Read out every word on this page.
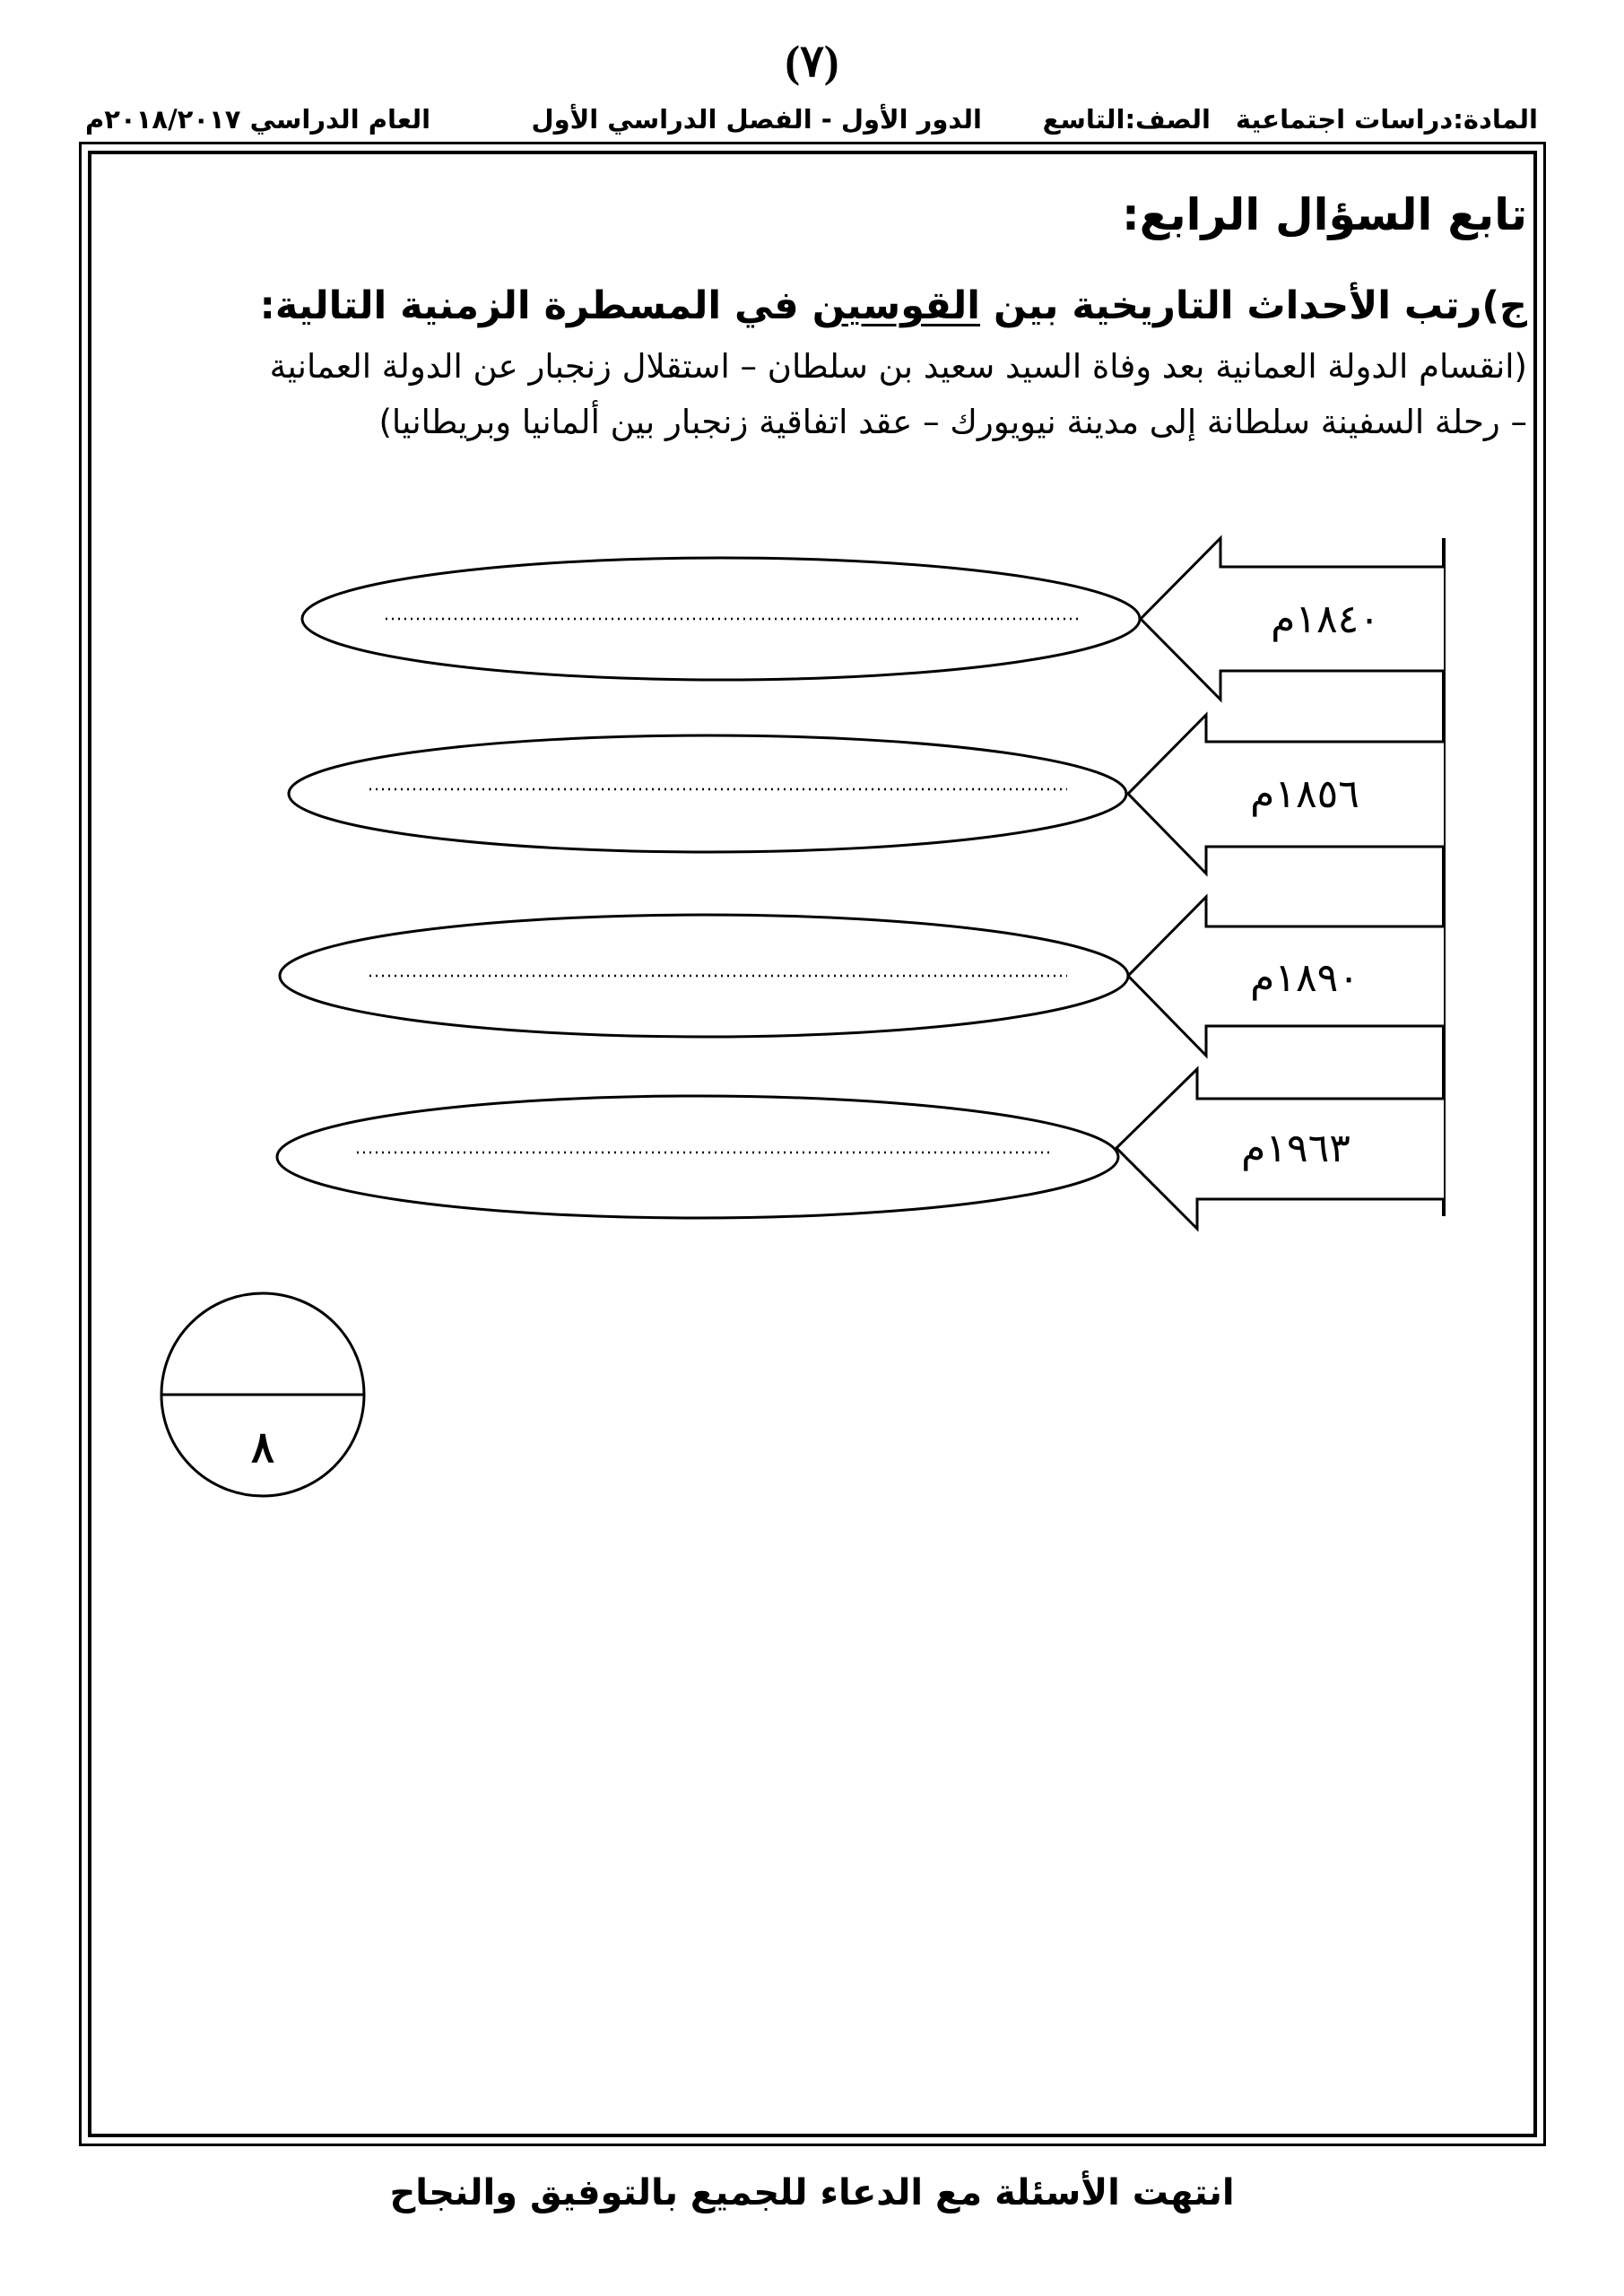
(٧)
المادة:دراسات اجتماعية
الصف:التاسع
الدور الأول - الفصل الدراسي الأول
العام الدراسي ٢٠١٨/٢٠١٧م
تابع السؤال الرابع:
ج)رتب الأحداث التاريخية بين القوسين في المسطرة الزمنية التالية:
(انقسام الدولة العمانية بعد وفاة السيد سعيد بن سلطان – استقلال زنجبار عن الدولة العمانية
– رحلة السفينة سلطانة إلى مدينة نيويورك – عقد اتفاقية زنجبار بين ألمانيا وبريطانيا)
١٨٤٠م
١٨٥٦م
١٨٩٠م
١٩٦٣م
٨
انتهت الأسئلة مع الدعاء للجميع بالتوفيق والنجاح
